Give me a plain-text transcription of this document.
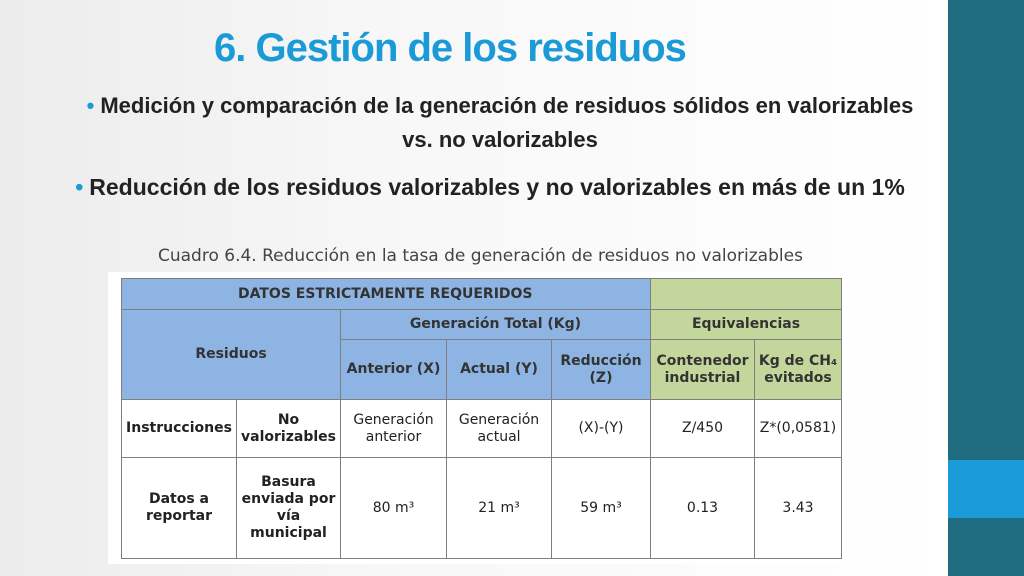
6. Gestión de los residuos
• Medición y comparación de la generación de residuos sólidos en valorizables vs. no valorizables
• Reducción de los residuos valorizables y no valorizables en más de un 1%
Cuadro 6.4. Reducción en la tasa de generación de residuos no valorizables
DATOS ESTRICTAMENTE REQUERIDOS						
Residuos		Generación Total (Kg)			Equivalencias	
		Anterior (X)	Actual (Y)	Reducción (Z)	Contenedor industrial	Kg de CH₄ evitados
Instrucciones	No valorizables	Generación anterior	Generación actual	(X)-(Y)	Z/450	Z*(0,0581)
Datos a reportar	Basura enviada por vía municipal	80 m³	21 m³	59 m³	0.13	3.43
